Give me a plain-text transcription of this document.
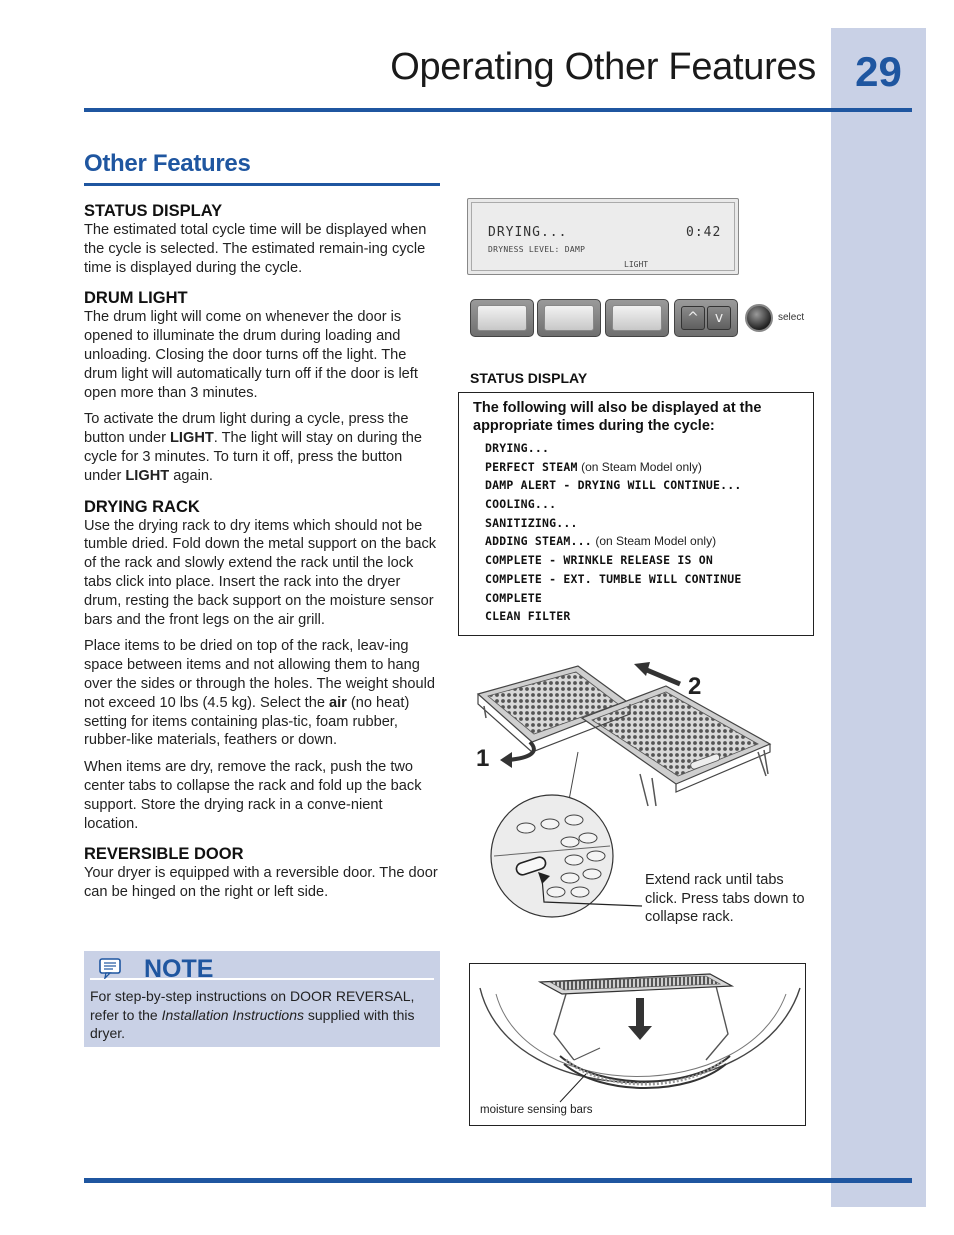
29
Operating Other Features
Other Features
STATUS DISPLAY

The estimated total cycle time will be displayed when the cycle is selected. The estimated remain-ing cycle time is displayed during the cycle.

DRUM LIGHT

The drum light will come on whenever the door is opened to illuminate the drum during loading and unloading. Closing the door turns off the light. The drum light will automatically turn off if the door is left open more than 3 minutes.

To activate the drum light during a cycle, press the button under LIGHT. The light will stay on during the cycle for 3 minutes. To turn it off, press the button under LIGHT again.

DRYING RACK

Use the drying rack to dry items which should not be tumble dried. Fold down the metal support on the back of the rack and slowly extend the rack until the lock tabs click into place. Insert the rack into the dryer drum, resting the back support on the moisture sensor bars and the front legs on the air grill.

Place items to be dried on top of the rack, leav-ing space between items and not allowing them to hang over the sides or through the holes. The weight should not exceed 10 lbs (4.5 kg). Select the air (no heat) setting for items containing plas-tic, foam rubber, rubber-like materials, feathers or down.

When items are dry, remove the rack, push the two center tabs to collapse the rack and fold up the back support. Store the drying rack in a conve-nient location.

REVERSIBLE DOOR

Your dryer is equipped with a reversible door. The door can be hinged on the right or left side.

NOTE
For step-by-step instructions on DOOR REVERSAL, refer to the Installation Instructions supplied with this dryer.
DRYING...	0:42
DRYNESS LEVEL: DAMP
LIGHT
^	v	select
STATUS DISPLAY
The following will also be displayed at the appropriate times during the cycle:
DRYING...
PERFECT STEAM (on Steam Model only)
DAMP ALERT - DRYING WILL CONTINUE...
COOLING...
SANITIZING...
ADDING STEAM... (on Steam Model only)
COMPLETE - WRINKLE RELEASE IS ON
COMPLETE - EXT. TUMBLE WILL CONTINUE
COMPLETE
CLEAN FILTER
2
1
Extend rack until tabs click. Press tabs down to collapse rack.
moisture sensing bars
